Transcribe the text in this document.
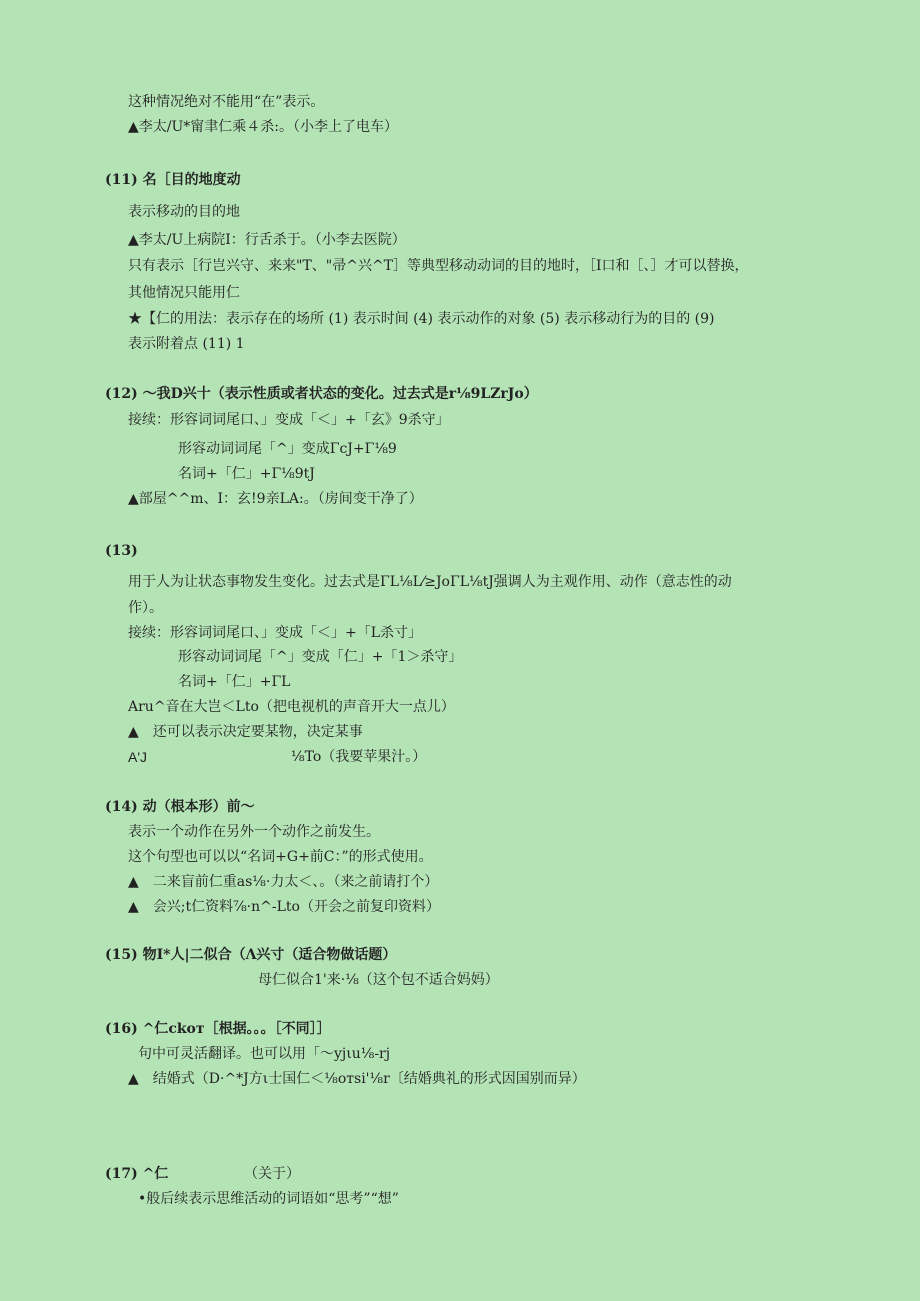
这种情况绝对不能用“在”表示。
▲李太/U*甯聿仁乘４杀:。（小李上了电车）
(11) 名［目的地度动
表示移动的目的地
▲李太/U上病院I：行舌杀于。（小李去医院）
只有表示［行岂兴守、来来"T、"帚^兴^T］等典型移动动词的目的地时，［I口和［、］才可以替换，
其他情况只能用仁
★【仁的用法：表示存在的场所 (1) 表示时间 (4) 表示动作的对象 (5) 表示移动行为的目的 (9)
表示附着点 (11) 1
(12) ～我D兴十（表示性质或者状态的变化。过去式是r⅛9LZrJo）
接续：形容词词尾口、」变成「＜」+「玄》9杀守」
形容动词词尾「^」变成ΓcJ+Γ⅛9
名词+「仁」+Γ⅛9tJ
▲部屋^^m、I：玄!9亲LA:。（房间变干净了）
(13)
用于人为让状态事物发生变化。过去式是ΓL⅛L⁄≥JoΓL⅛tJ强调人为主观作用、动作（意志性的动
作）。
接续：形容词词尾口、」变成「＜」+「L杀寸」
形容动词词尾「^」变成「仁」+「1＞杀守」
名词+「仁」+ΓL
Aru^音在大岂＜Lto（把电视机的声音开大一点儿）
▲　还可以表示决定要某物，决定某事
A'J	⅛To（我要苹果汁。）
(14) 动（根本形）前～
表示一个动作在另外一个动作之前发生。
这个句型也可以以“名词+G+前C：”的形式使用。
▲　二来盲前仁重as⅛·力太＜、。（来之前请打个）
▲　会兴;t仁资料⅞·n^-Lto（开会之前复印资料）
(15) 物I*人|二似合（Λ兴寸（适合物做话题）
母仁似合1'来·⅛（这个包不适合妈妈）
(16) ^仁ckoт［根据。。。［不同］］
句中可灵活翻译。也可以用「～yjιu⅛-rj
▲　结婚式（D·^*J方ι士国仁＜⅛oтsi'⅛r〔结婚典礼的形式因国别而异）
(17) ^仁	（关于）
•般后续表示思维活动的词语如“思考”“想”
